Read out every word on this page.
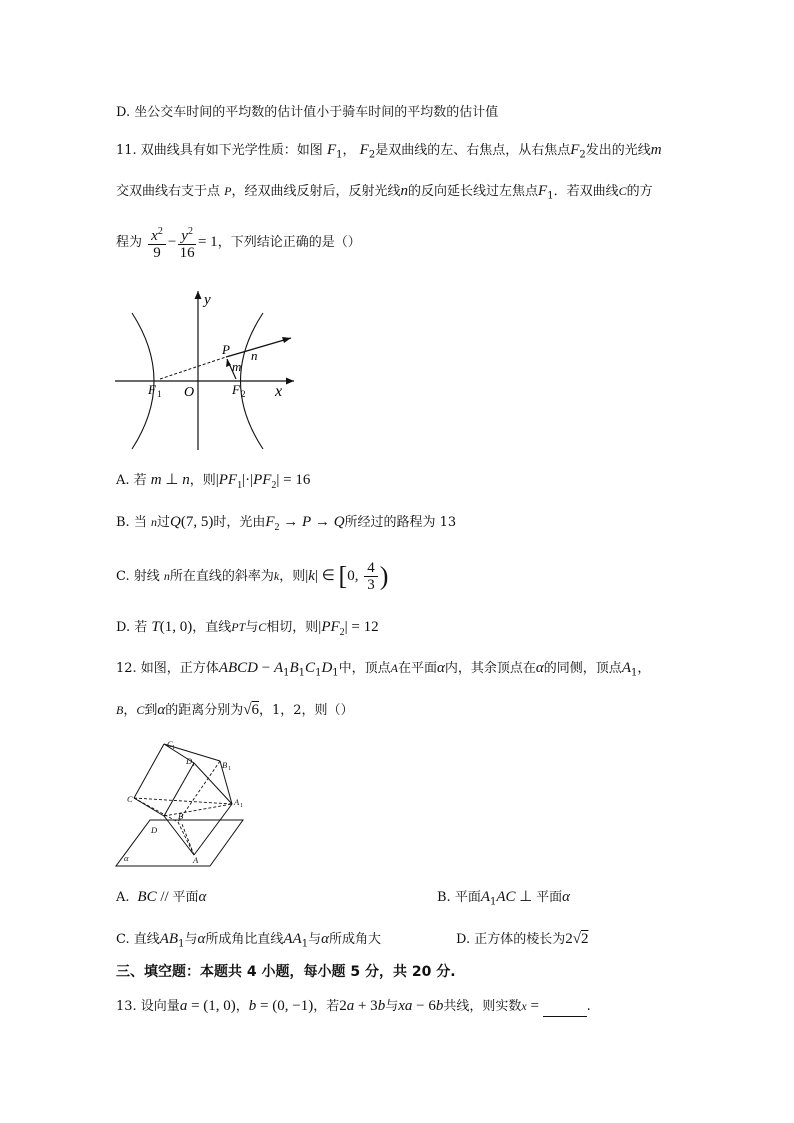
D. 坐公交车时间的平均数的估计值小于骑车时间的平均数的估计值
11. 双曲线具有如下光学性质：如图 $F_1$， $F_2$是双曲线的左、右焦点，从右焦点$F_2$发出的光线m
交双曲线右支于点 P，经双曲线反射后，反射光线n的反向延长线过左焦点$F_1$．若双曲线C的方
程为 $\frac{x^2}{9} - \frac{y^2}{16} = 1$，下列结论正确的是（）
y
x
P n
m
F 1 O	F 2
A. 若 m ⊥ n，则$|PF_1|\cdot|PF_2| = 16$
B. 当 n过Q(7, 5)时，光由$F_2 \to P \to Q$所经过的路程为 13
C. 射线 n所在直线的斜率为k，则|k| ∈ [0, $\frac{4}{3}$ )
D. 若 T(1, 0)，直线PT与C相切，则$|PF_2| = 12$
12. 如图，正方体ABCD − $A_1B_1C_1D_1$中，顶点A在平面α内，其余顶点在α的同侧，顶点$A_1$，
B，C到α的距离分别为√6，1，2，则（）
C
D	B
C	A
B
D
A
α
1
1
1
1
A.  BC // 平面α	B. 平面$A_1AC$ ⊥ 平面α
C. 直线$AB_1$与α所成角比直线$AA_1$与α所成角大	D. 正方体的棱长为2√2
三、填空题：本题共 4 小题，每小题 5 分，共 20 分.
13. 设向量a = (1, 0)，b = (0, −1)，若2a + 3b与xa − 6b共线，则实数x =	.
